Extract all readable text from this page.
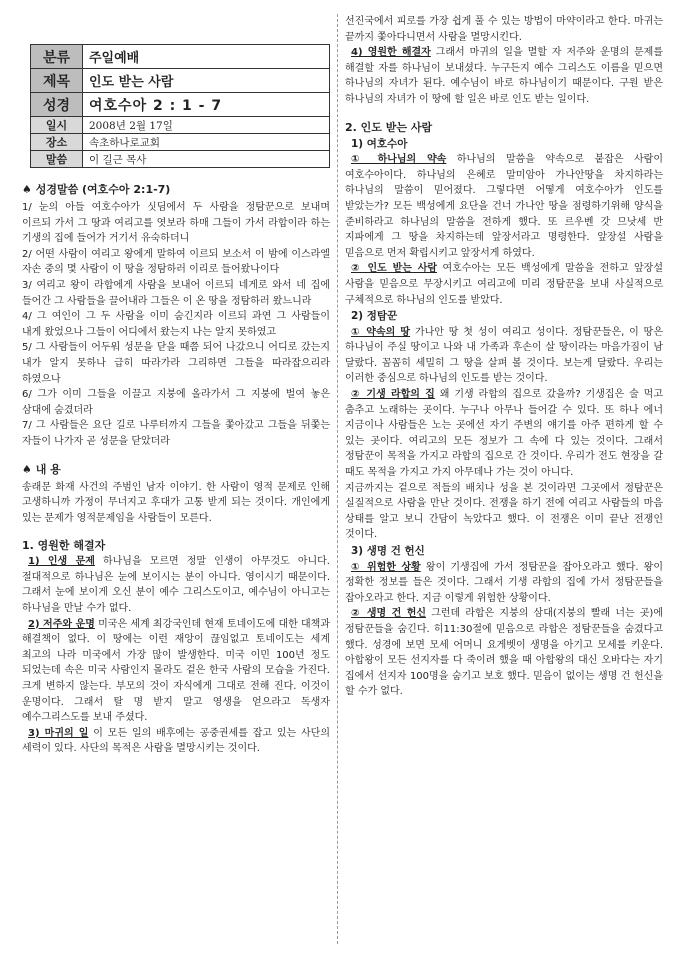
분류	주일예배
제목	인도 받는 사람
성경	여호수아 2 : 1 - 7
일시	2008년 2월 17일
장소	속초하나로교회
말씀	이 길근 목사
♠ 성경말씀 (여호수아 2:1-7)

1/ 눈의 아들 여호수아가 싯딤에서 두 사람을 정탐꾼으로 보내며 이르되 가서 그 땅과 여리고를 엿보라 하매 그들이 가서 라합이라 하는 기생의 집에 들어가 거기서 유숙하더니

2/ 어떤 사람이 여리고 왕에게 말하여 이르되 보소서 이 밤에 이스라엘 자손 중의 몇 사람이 이 땅을 정탐하러 이리로 들어왔나이다

3/ 여리고 왕이 라합에게 사람을 보내어 이르되 네게로 와서 네 집에 들어간 그 사람들을 끌어내라 그들은 이 온 땅을 정탐하러 왔느니라

4/ 그 여인이 그 두 사람을 이미 숨긴지라 이르되 과연 그 사람들이 내게 왔었으나 그들이 어디에서 왔는지 나는 알지 못하였고

5/ 그 사람들이 어두워 성문을 닫을 때쯤 되어 나갔으니 어디로 갔는지 내가 알지 못하나 급히 따라가라 그리하면 그들을 따라잡으리라 하였으나

6/ 그가 이미 그들을 이끌고 지붕에 올라가서 그 지붕에 벌여 놓은 삼대에 숨겼더라

7/ 그 사람들은 요단 길로 나루터까지 그들을 쫓아갔고 그들을 뒤쫓는 자들이 나가자 곧 성문을 닫았더라

♠ 내 용

송래문 화재 사건의 주범인 남자 이야기. 한 사람이 영적 문제로 인해 고생하니까 가정이 무너지고 후대가 고통 받게 되는 것이다. 개인에게 있는 문제가 영적문제임을 사람들이 모른다.

1. 영원한 해결자

1) 인생 문제 하나님을 모르면 정말 인생이 아무것도 아니다. 절대적으로 하나님은 눈에 보이시는 분이 아니다. 영이시기 때문이다. 그래서 눈에 보이게 오신 분이 예수 그리스도이고, 예수님이 아니고는 하나님을 만날 수가 없다.

2) 저주와 운명 미국은 세계 최강국인데 현재 토네이도에 대한 대책과 해결책이 없다. 이 땅에는 이런 재앙이 끊임없고 토네이도는 세계 최고의 나라 미국에서 가장 많이 발생한다. 미국 이민 100년 정도 되었는데 속은 미국 사람인지 몰라도 겉은 한국 사람의 모습을 가진다. 크게 변하지 않는다. 부모의 것이 자식에게 그대로 전해 진다. 이것이 운명이다. 그래서 탈 명 받지 말고 영생을 얻으라고 독생자 예수그리스도를 보내 주셨다.

3) 마귀의 일 이 모든 일의 배후에는 공중권세를 잡고 있는 사단의 세력이 있다. 사단의 목적은 사람을 멸망시키는 것이다.

선진국에서 피로를 가장 쉽게 풀 수 있는 방법이 마약이라고 한다. 마귀는 끝까지 쫓아다니면서 사람을 멸망시킨다.

4) 영원한 해결자 그래서 마귀의 일을 멸할 자 저주와 운명의 문제를 해결할 자를 하나님이 보내셨다. 누구든지 예수 그리스도 이름을 믿으면 하나님의 자녀가 된다. 예수님이 바로 하나님이기 때문이다. 구원 받은 하나님의 자녀가 이 땅에 할 일은 바로 인도 받는 일이다.

2. 인도 받는 사람
1) 여호수아

① 하나님의 약속 하나님의 말씀을 약속으로 붙잡은 사람이 여호수아이다. 하나님의 은혜로 말미암아 가나안땅을 차지하라는 하나님의 말씀이 믿어졌다. 그렇다면 어떻게 여호수아가 인도를 받았는가? 모든 백성에게 요단을 건너 가나안 땅을 점령하기위해 양식을 준비하라고 하나님의 말씀을 전하게 했다. 또 르우벤 갓 므낫세 반 지파에게 그 땅을 차지하는데 앞장서라고 명령한다. 앞장설 사람을 믿음으로 먼저 확립시키고 앞장서게 하였다.

② 인도 받는 사람 여호수아는 모든 백성에게 말씀을 전하고 앞장설 사람을 믿음으로 무장시키고 여리고에 미리 정탐꾼을 보내 사실적으로 구체적으로 하나님의 인도를 받았다.

2) 정탐꾼

① 약속의 땅 가나안 땅 첫 성이 여리고 성이다. 정탐꾼들은, 이 땅은 하나님이 주실 땅이고 나와 내 가족과 후손이 살 땅이라는 마음가짐이 남 달랐다. 꼼꼼히 세밀히 그 땅을 살펴 볼 것이다. 보는게 달랐다. 우리는 이러한 중심으로 하나님의 인도를 받는 것이다.

② 기생 라합의 집 왜 기생 라합의 집으로 갔을까? 기생집은 술 먹고 춤추고 노래하는 곳이다. 누구나 아무나 들어갈 수 있다. 또 하나 에너 지금이나 사람들은 노는 곳에선 자기 주변의 얘기를 아주 편하게 할 수 있는 곳이다. 여리고의 모든 정보가 그 속에 다 있는 것이다. 그래서 정탐꾼이 목적을 가지고 라합의 집으로 간 것이다. 우리가 전도 현장을 갈 때도 목적을 가지고 가지 아무데나 가는 것이 아니다.

지금까지는 겉으로 적들의 배치나 성을 본 것이라면 그곳에서 정탐꾼은 실질적으로 사람을 만난 것이다. 전쟁을 하기 전에 여리고 사람들의 마음 상태를 알고 보니 간담이 녹았다고 했다. 이 전쟁은 이미 끝난 전쟁인 것이다.

3) 생명 건 헌신

① 위험한 상황 왕이 기생집에 가서 정탐꾼을 잡아오라고 했다. 왕이 정확한 정보를 들은 것이다. 그래서 기생 라합의 집에 가서 정탐꾼들을 잡아오라고 한다. 지금 이렇게 위험한 상황이다.

② 생명 건 헌신 그런데 라합은 지붕의 삼대(지붕의 빨래 너는 곳)에 정탐꾼들을 숨긴다. 히11:30절에 믿음으로 라합은 정탐꾼들을 숨겼다고 했다. 성경에 보면 모세 어머니 요게벳이 생명을 아기고 모세를 키운다. 아합왕이 모든 선지자를 다 죽이려 했을 때 아합왕의 대신 오바다는 자기 집에서 선지자 100명을 숨기고 보호 했다. 믿음이 없이는 생명 건 헌신을 할 수가 없다.
